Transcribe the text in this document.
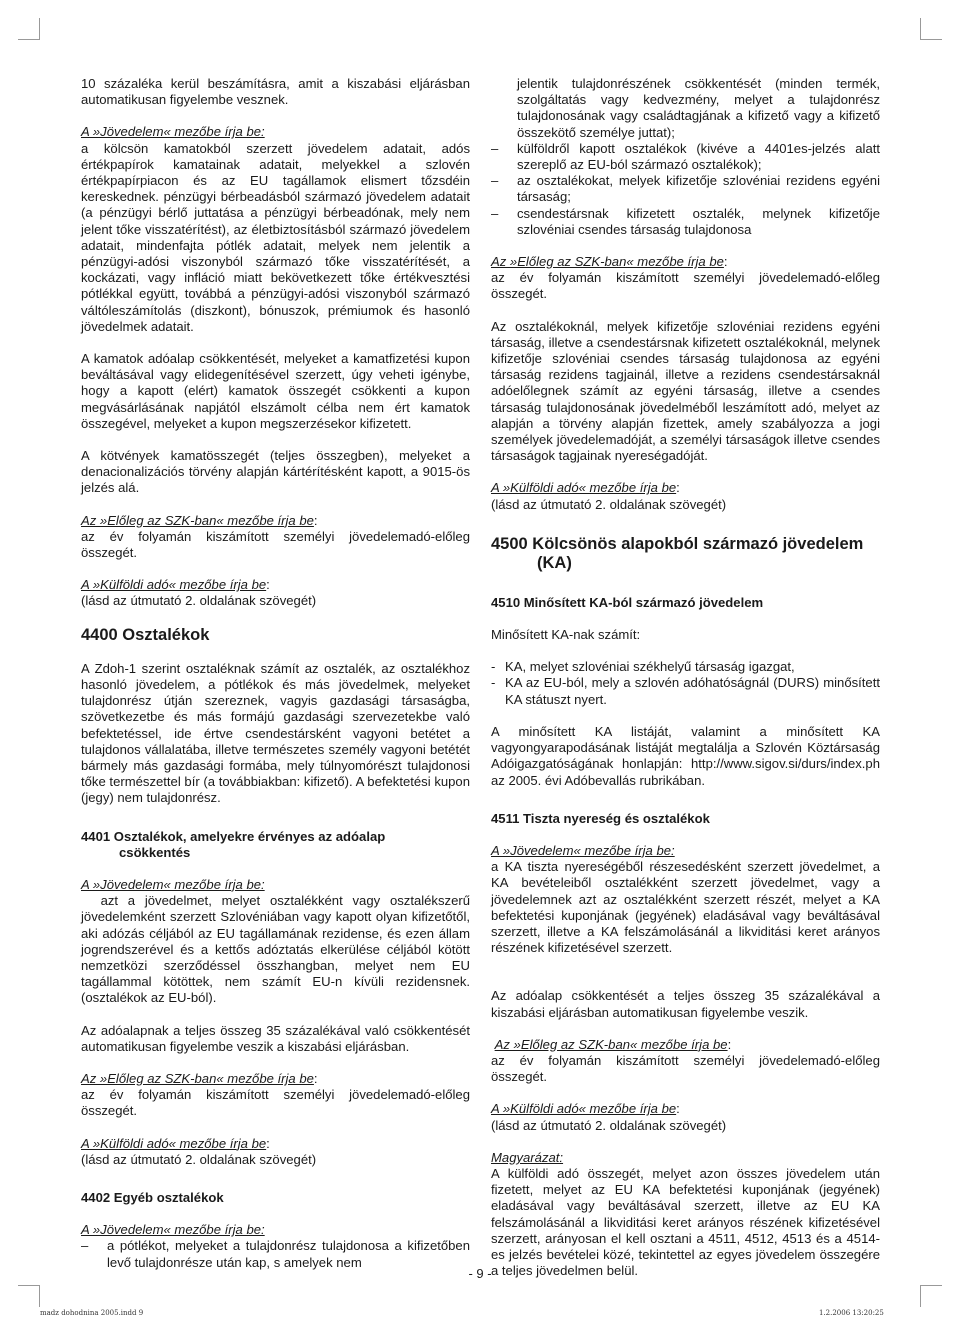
10 százaléka kerül beszámításra, amit a kiszabási eljárásban automatikusan figyelembe vesznek.

A »Jövedelem« mezőbe írja be:

a kölcsön kamatokból szerzett jövedelem adatait, adós értékpapírok kamatainak adatait, melyekkel a szlovén értékpapírpiacon és az EU tagállamok elismert tőzsdéin kereskednek. pénzügyi bérbeadásból származó jövedelem adatait (a pénzügyi bérlő juttatása a pénzügyi bérbeadónak, mely nem jelent tőke visszatérítést), az életbiztosításból származó jövedelem adatait, mindenfajta pótlék adatait, melyek nem jelentik a pénzügyi-adósi viszonyból származó tőke visszatérítését, a kockázati, vagy infláció miatt bekövetkezett tőke értékvesztési pótlékkal együtt, továbbá a pénzügyi-adósi viszonyból származó váltóleszámítolás (diszkont), bónuszok, prémiumok és hasonló jövedelmek adatait.

A kamatok adóalap csökkentését, melyeket a kamatfizetési kupon beváltásával vagy elidegenítésével szerzett, úgy veheti igénybe, hogy a kapott (elért) kamatok összegét csökkenti a kupon megvásárlásának napjától elszámolt célba nem ért kamatok összegével, melyeket a kupon megszerzésekor kifizetett.

A kötvények kamatösszegét (teljes összegben), melyeket a denacionalizációs törvény alapján kártérítésként kapott, a 9015-ös jelzés alá.

Az »Előleg az SZK-ban« mezőbe írja be:

az év folyamán kiszámított személyi jövedelemadó-előleg összegét.

A »Külföldi adó« mezőbe írja be:

(lásd az útmutató 2. oldalának szövegét)

4400 Osztalékok

A Zdoh-1 szerint osztaléknak számít az osztalék, az osztalékhoz hasonló jövedelem, a pótlékok és más jövedelmek, melyeket tulajdonrész útján szereznek, vagyis gazdasági társaságba, szövetkezetbe és más formájú gazdasági szervezetekbe való befektetéssel, ide értve csendestársként vagyoni betétet a tulajdonos vállalatába, illetve természetes személy vagyoni betétét bármely más gazdasági formába, mely túlnyomórészt tulajdonosi tőke természettel bír (a továbbiakban: kifizető). A befektetési kupon (jegy) nem tulajdonrész.

4401 Osztalékok, amelyekre érvényes az adóalap
csökkentés

A »Jövedelem« mezőbe írja be:

azt a jövedelmet, melyet osztalékként vagy osztalékszerű jövedelemként szerzett Szlovéniában vagy kapott olyan kifizetőtől, aki adózás céljából az EU tagállamának rezidense, és ezen állam jogrendszerével és a kettős adóztatás elkerülése céljából kötött nemzetközi szerződéssel összhangban, melyet nem EU tagállammal kötöttek, nem számít EU-n kívüli rezidensnek.(osztalékok az EU-ból).

Az adóalapnak a teljes összeg 35 százalékával való csökkentését automatikusan figyelembe veszik a kiszabási eljárásban.

Az »Előleg az SZK-ban« mezőbe írja be:

az év folyamán kiszámított személyi jövedelemadó-előleg összegét.

A »Külföldi adó« mezőbe írja be:

(lásd az útmutató 2. oldalának szövegét)

4402 Egyéb osztalékok

A »Jövedelem« mezőbe írja be:

–	a pótlékot, melyeket a tulajdonrész tulajdonosa a kifizetőben levő tulajdonrésze után kap, s amelyek nem
jelentik tulajdonrészének csökkentését (minden termék, szolgáltatás vagy kedvezmény, melyet a tulajdonrész tulajdonosának vagy családtagjának a kifizető vagy a kifizető összekötő személye juttat);
–	külföldről kapott osztalékok (kivéve a 4401es-jelzés alatt szereplő az EU-ból származó osztalékok);
–	az osztalékokat, melyek kifizetője szlovéniai rezidens egyéni társaság;
–	csendestársnak kifizetett osztalék, melynek kifizetője szlovéniai csendes társaság tulajdonosa

Az »Előleg az SZK-ban« mezőbe írja be:

az év folyamán kiszámított személyi jövedelemadó-előleg összegét.

Az osztalékoknál, melyek kifizetője szlovéniai rezidens egyéni társaság, illetve a csendestársnak kifizetett osztalékoknál, melynek kifizetője szlovéniai csendes társaság tulajdonosa az egyéni társaság rezidens tagjainál, illetve a rezidens csendestársaknál adóelőlegnek számít az egyéni társaság, illetve a csendes társaság tulajdonosának jövedelméből leszámított adó, melyet az alapján a törvény alapján fizettek, amely szabályozza a jogi személyek jövedelemadóját, a személyi társaságok illetve csendes társaságok tagjainak nyereségadóját.

A »Külföldi adó« mezőbe írja be:

(lásd az útmutató 2. oldalának szövegét)

4500 Kölcsönös alapokból származó jövedelem
(KA)

4510 Minősített KA-ból származó jövedelem

Minősített KA-nak számít:

- KA, melyet szlovéniai székhelyű társaság igazgat,
- KA az EU-ból, mely a szlovén adóhatóságnál (DURS) minősített KA státuszt nyert.

A minősített KA listáját, valamint a minősített KA vagyongyarapodásának listáját megtalálja a Szlovén Köztársaság Adóigazgatóságának honlapján: http://www.sigov.si/durs/index.ph az 2005. évi Adóbevallás rubrikában.

4511 Tiszta nyereség és osztalékok

A »Jövedelem« mezőbe írja be:

a KA tiszta nyereségéből részesedésként szerzett jövedelmet, a KA bevételeiből osztalékként szerzett jövedelmet, vagy a jövedelemnek azt az osztalékként szerzett részét, melyet a KA befektetési kuponjának (jegyének) eladásával vagy beváltásával szerzett, illetve a KA felszámolásánál a likviditási keret arányos részének kifizetésével szerzett.

Az adóalap csökkentését a teljes összeg 35 százalékával a kiszabási eljárásban automatikusan figyelembe veszik.

Az »Előleg az SZK-ban« mezőbe írja be:

az év folyamán kiszámított személyi jövedelemadó-előleg összegét.

A »Külföldi adó« mezőbe írja be:

(lásd az útmutató 2. oldalának szövegét)

Magyarázat:

A külföldi adó összegét, melyet azon összes jövedelem után fizetett, melyet az EU KA befektetési kuponjának (jegyének) eladásával vagy beváltásával szerzett, illetve az EU KA felszámolásánál a likviditási keret arányos részének kifizetésével szerzett, arányosan el kell osztani a 4511, 4512, 4513 és a 4514-es jelzés bevételei közé, tekintettel az egyes jövedelem összegére a teljes jövedelmen belül.

- 9 -
madz dohodnina 2005.indd 9	1.2.2006 13:20:25
